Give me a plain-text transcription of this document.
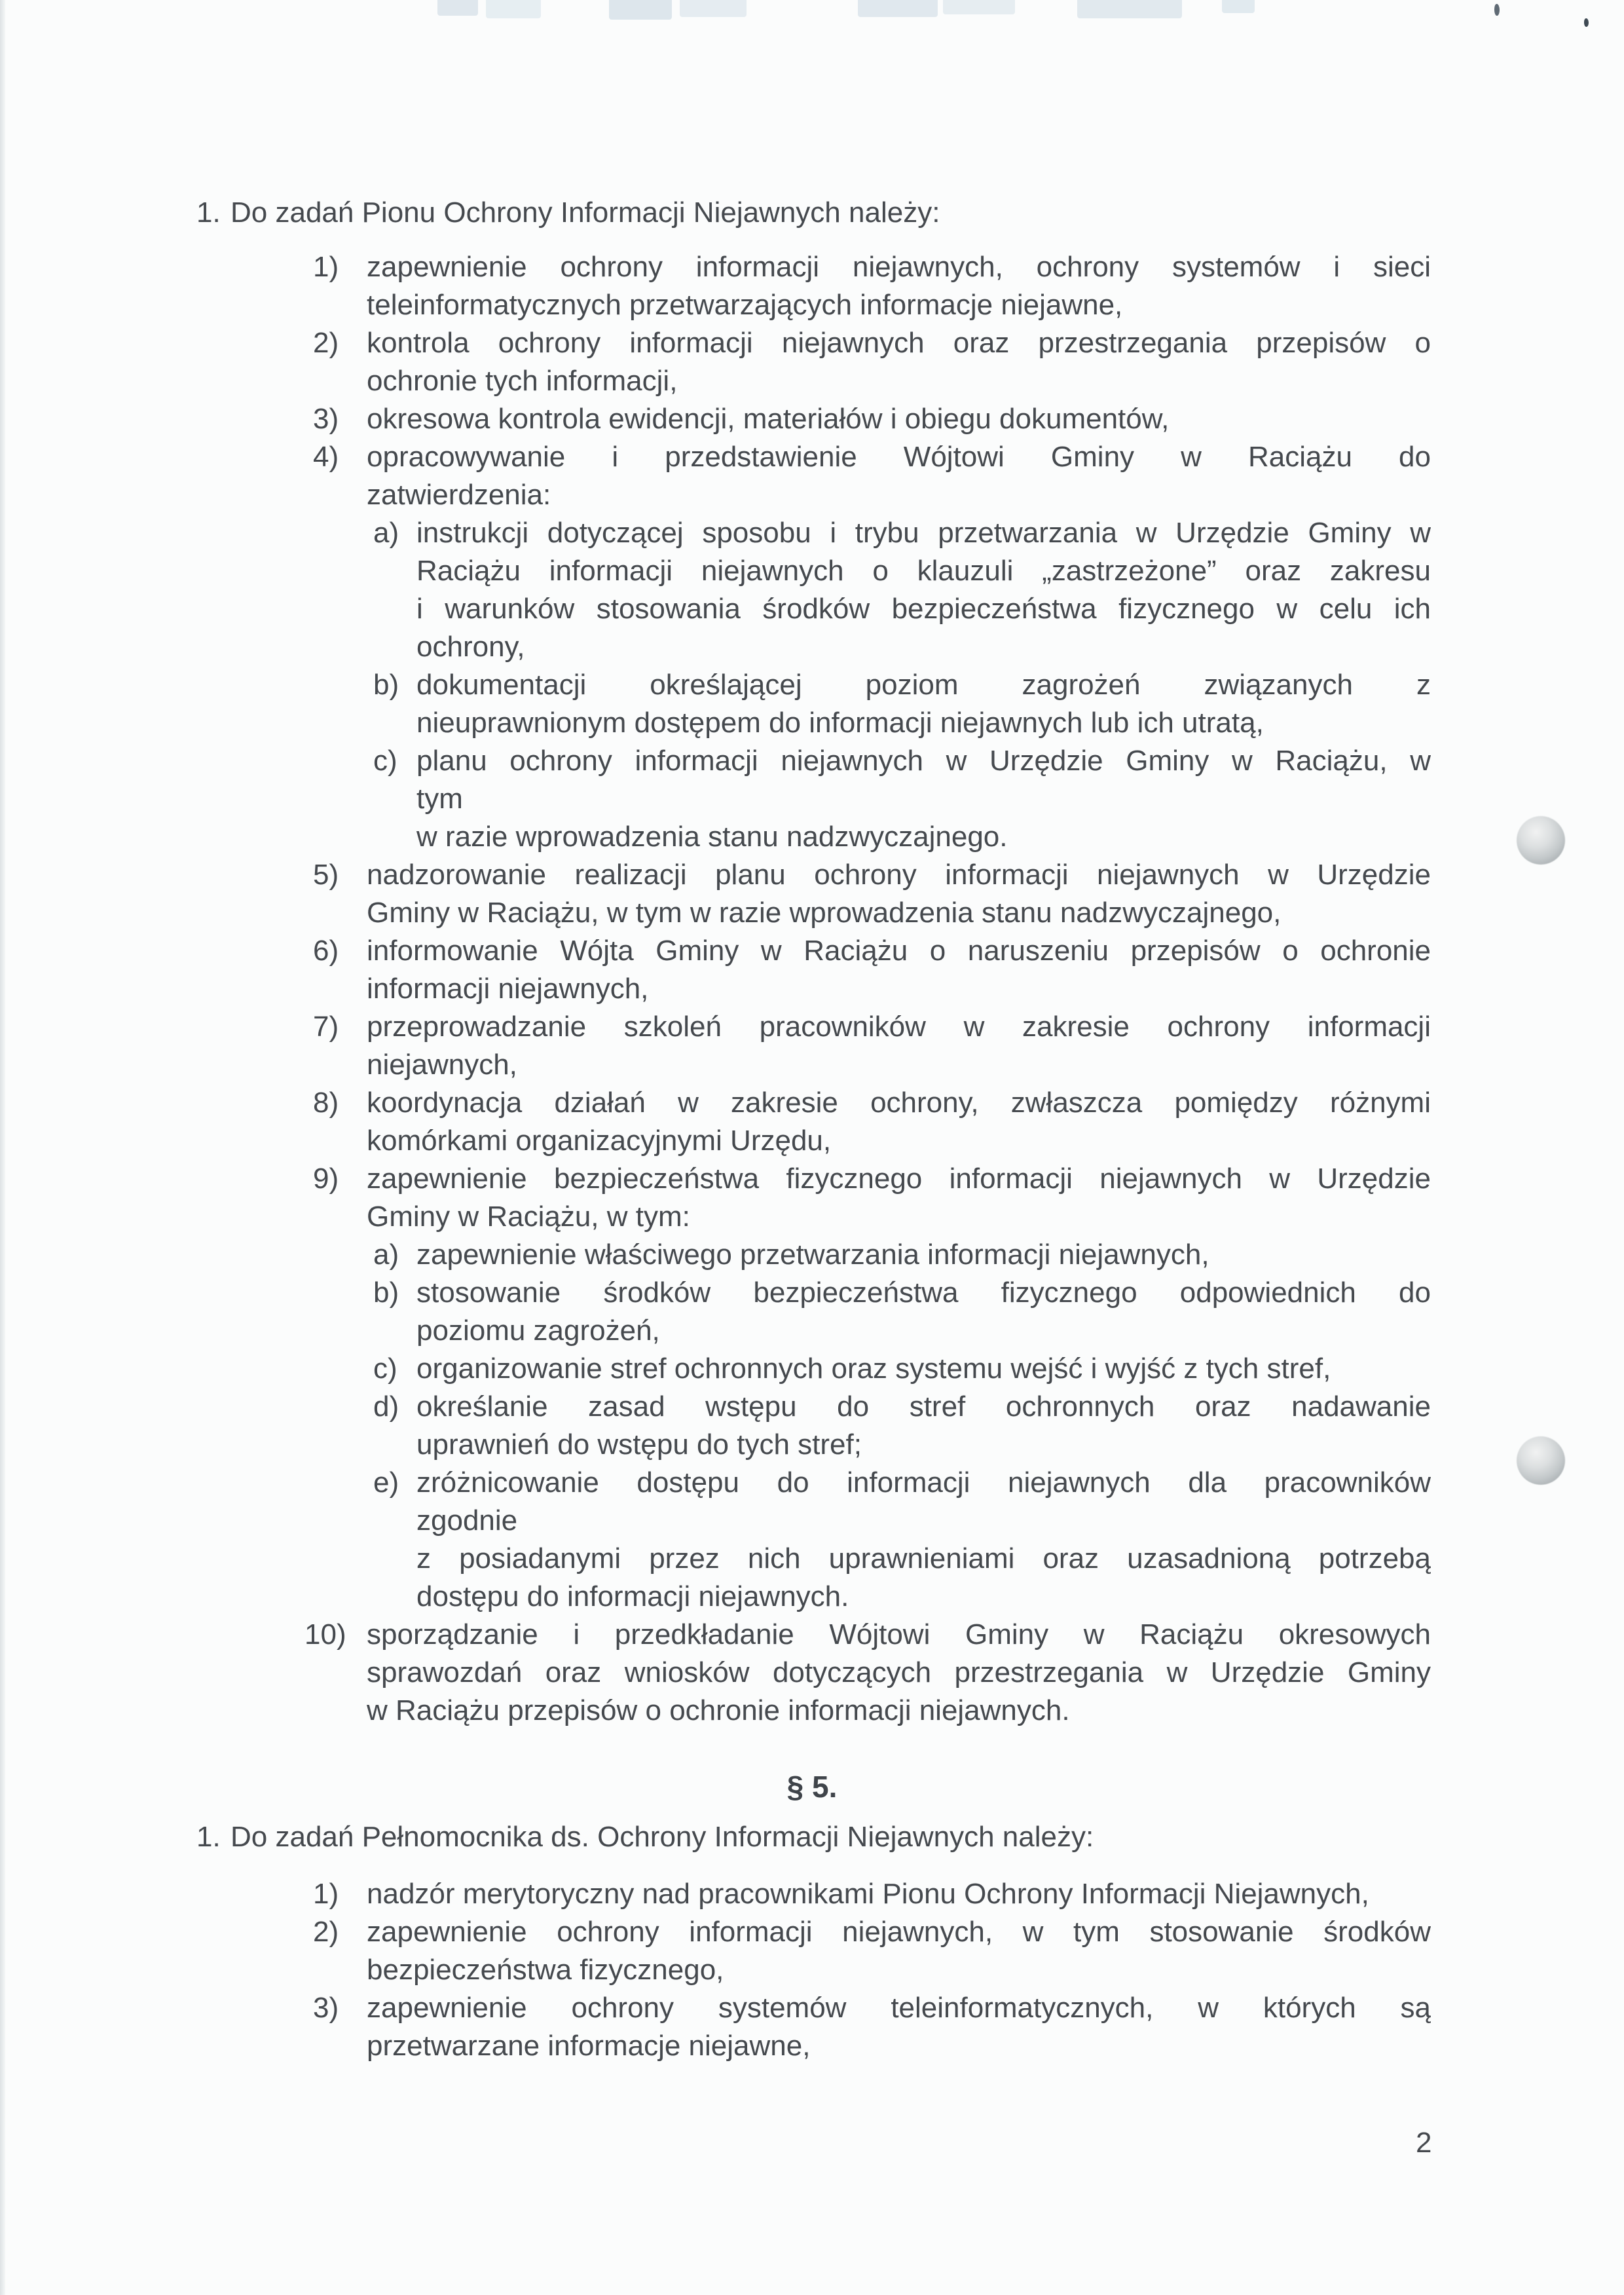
1. Do zadań Pionu Ochrony Informacji Niejawnych należy:
1) zapewnienie ochrony informacji niejawnych, ochrony systemów i sieci
teleinformatycznych przetwarzających informacje niejawne,
2) kontrola ochrony informacji niejawnych oraz przestrzegania przepisów o
ochronie tych informacji,
3) okresowa kontrola ewidencji, materiałów i obiegu dokumentów,
4) opracowywanie i przedstawienie Wójtowi Gminy w Raciążu do
zatwierdzenia:
a) instrukcji dotyczącej sposobu i trybu przetwarzania w Urzędzie Gminy w
Raciążu informacji niejawnych o klauzuli „zastrzeżone” oraz zakresu
i warunków stosowania środków bezpieczeństwa fizycznego w celu ich
ochrony,
b) dokumentacji określającej poziom zagrożeń związanych z
nieuprawnionym dostępem do informacji niejawnych lub ich utratą,
c) planu ochrony informacji niejawnych w Urzędzie Gminy w Raciążu, w
tym
w razie wprowadzenia stanu nadzwyczajnego.
5) nadzorowanie realizacji planu ochrony informacji niejawnych w Urzędzie
Gminy w Raciążu, w tym w razie wprowadzenia stanu nadzwyczajnego,
6) informowanie Wójta Gminy w Raciążu o naruszeniu przepisów o ochronie
informacji niejawnych,
7) przeprowadzanie szkoleń pracowników w zakresie ochrony informacji
niejawnych,
8) koordynacja działań w zakresie ochrony, zwłaszcza pomiędzy różnymi
komórkami organizacyjnymi Urzędu,
9) zapewnienie bezpieczeństwa fizycznego informacji niejawnych w Urzędzie
Gminy w Raciążu, w tym:
a) zapewnienie właściwego przetwarzania informacji niejawnych,
b) stosowanie środków bezpieczeństwa fizycznego odpowiednich do
poziomu zagrożeń,
c) organizowanie stref ochronnych oraz systemu wejść i wyjść z tych stref,
d) określanie zasad wstępu do stref ochronnych oraz nadawanie
uprawnień do wstępu do tych stref;
e) zróżnicowanie dostępu do informacji niejawnych dla pracowników
zgodnie
z posiadanymi przez nich uprawnieniami oraz uzasadnioną potrzebą
dostępu do informacji niejawnych.
10) sporządzanie i przedkładanie Wójtowi Gminy w Raciążu okresowych
sprawozdań oraz wniosków dotyczących przestrzegania w Urzędzie Gminy
w Raciążu przepisów o ochronie informacji niejawnych.
§ 5.
1. Do zadań Pełnomocnika ds. Ochrony Informacji Niejawnych należy:
1) nadzór merytoryczny nad pracownikami Pionu Ochrony Informacji Niejawnych,
2) zapewnienie ochrony informacji niejawnych, w tym stosowanie środków
bezpieczeństwa fizycznego,
3) zapewnienie ochrony systemów teleinformatycznych, w których są
przetwarzane informacje niejawne,
2
